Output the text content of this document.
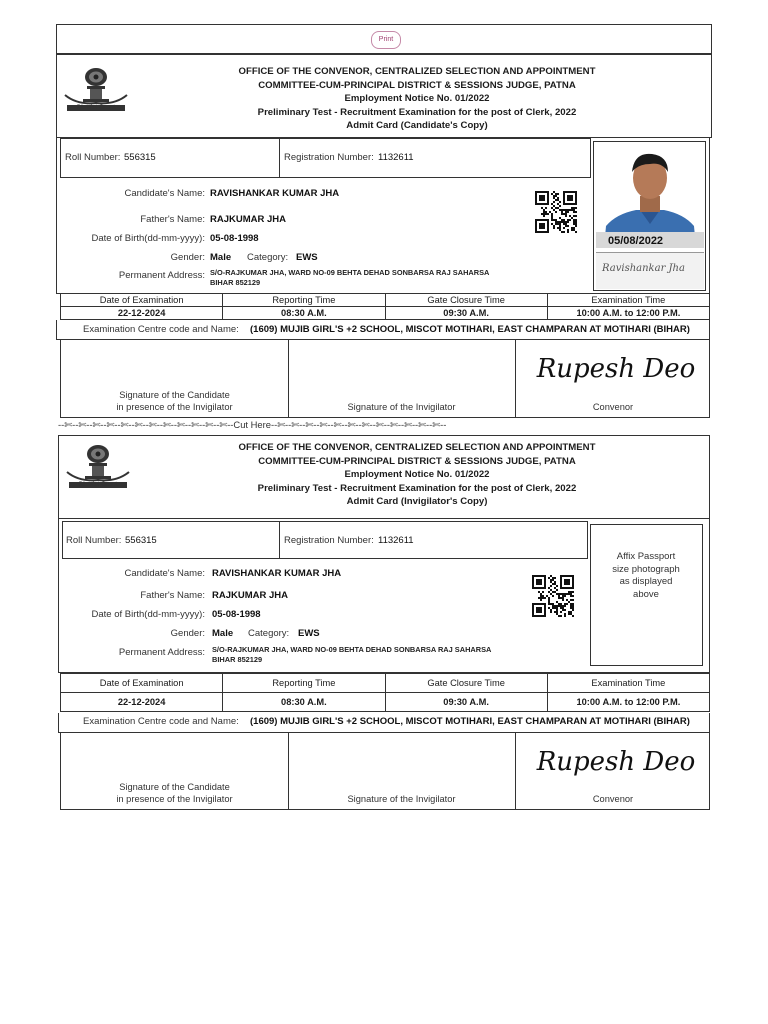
Print
District Court
OFFICE OF THE CONVENOR, CENTRALIZED SELECTION AND APPOINTMENT
COMMITTEE-CUM-PRINCIPAL DISTRICT & SESSIONS JUDGE, PATNA
Employment Notice No. 01/2022
Preliminary Test - Recruitment Examination for the post of Clerk, 2022
Admit Card (Candidate's Copy)
Roll Number: 556315	Registration Number: 1132611
05/08/2022
Ravishankar Jha
Candidate's Name: RAVISHANKAR KUMAR JHA
Father's Name: RAJKUMAR JHA
Date of Birth(dd-mm-yyyy): 05-08-1998
Gender: Male Category: EWS
Permanent Address: S/O-RAJKUMAR JHA, WARD NO-09 BEHTA DEHAD SONBARSA RAJ SAHARSA
BIHAR 852129
Date of Examination	Reporting Time	Gate Closure Time	Examination Time
22-12-2024	08:30 A.M.	09:30 A.M.	10:00 A.M. to 12:00 P.M.
Examination Centre code and Name: (1609) MUJIB GIRL'S +2 SCHOOL, MISCOT MOTIHARI, EAST CHAMPARAN AT MOTIHARI (BIHAR)
Signature of the Candidate
in presence of the Invigilator	Signature of the Invigilator
Rupesh Deo
Convenor
--✄--✄--✄--✄--✄--✄--✄--✄--✄--✄--✄--✄--Cut Here--✄--✄--✄--✄--✄--✄--✄--✄--✄--✄--✄--✄--
District Court
OFFICE OF THE CONVENOR, CENTRALIZED SELECTION AND APPOINTMENT
COMMITTEE-CUM-PRINCIPAL DISTRICT & SESSIONS JUDGE, PATNA
Employment Notice No. 01/2022
Preliminary Test - Recruitment Examination for the post of Clerk, 2022
Admit Card (Invigilator's Copy)
Roll Number: 556315	Registration Number: 1132611
Affix Passport
size photograph
as displayed
above
Candidate's Name: RAVISHANKAR KUMAR JHA
Father's Name: RAJKUMAR JHA
Date of Birth(dd-mm-yyyy): 05-08-1998
Gender: Male Category: EWS
Permanent Address: S/O-RAJKUMAR JHA, WARD NO-09 BEHTA DEHAD SONBARSA RAJ SAHARSA
BIHAR 852129
Date of Examination	Reporting Time	Gate Closure Time	Examination Time
22-12-2024	08:30 A.M.	09:30 A.M.	10:00 A.M. to 12:00 P.M.
Examination Centre code and Name: (1609) MUJIB GIRL'S +2 SCHOOL, MISCOT MOTIHARI, EAST CHAMPARAN AT MOTIHARI (BIHAR)
Signature of the Candidate
in presence of the Invigilator	Signature of the Invigilator
Rupesh Deo
Convenor
